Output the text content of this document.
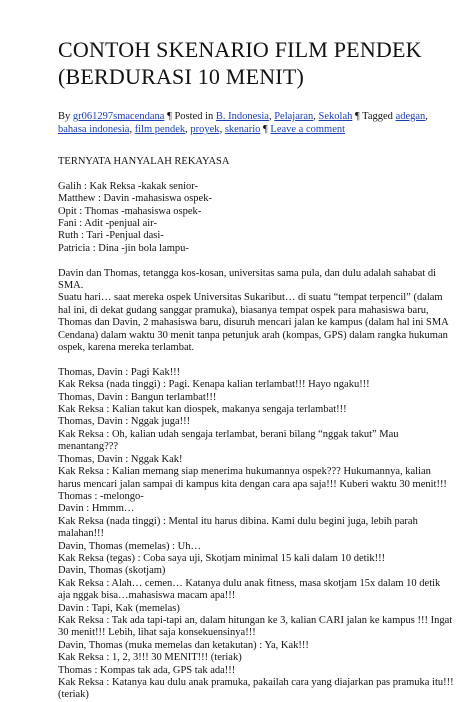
CONTOH SKENARIO FILM PENDEK (BERDURASI 10 MENIT)
By gr061297smacendana ¶ Posted in B. Indonesia, Pelajaran, Sekolah ¶ Tagged adegan, bahasa indonesia, film pendek, proyek, skenario ¶ Leave a comment

TERNYATA HANYALAH REKAYASA

Galih : Kak Reksa -kakak senior-
Matthew : Davin -mahasiswa ospek-
Opit : Thomas -mahasiswa ospek-
Fani : Adit -penjual air-
Ruth : Tari -Penjual dasi-
Patricia : Dina -jin bola lampu-

Davin dan Thomas, tetangga kos-kosan, universitas sama pula, dan dulu adalah sahabat di SMA.
Suatu hari… saat mereka ospek Universitas Sukaribut… di suatu “tempat terpencil” (dalam hal ini, di dekat gudang sanggar pramuka), biasanya tempat ospek para mahasiswa baru, Thomas dan Davin, 2 mahasiswa baru, disuruh mencari jalan ke kampus (dalam hal ini SMA Cendana) dalam waktu 30 menit tanpa petunjuk arah (kompas, GPS) dalam rangka hukuman ospek, karena mereka terlambat.

Thomas, Davin : Pagi Kak!!!
Kak Reksa (nada tinggi) : Pagi. Kenapa kalian terlambat!!! Hayo ngaku!!!
Thomas, Davin : Bangun terlambat!!!
Kak Reksa : Kalian takut kan diospek, makanya sengaja terlambat!!!
Thomas, Davin : Nggak juga!!!
Kak Reksa : Oh, kalian udah sengaja terlambat, berani bilang “nggak takut” Mau menantang???
Thomas, Davin : Nggak Kak!
Kak Reksa : Kalian memang siap menerima hukumannya ospek??? Hukumannya, kalian harus mencari jalan sampai di kampus kita dengan cara apa saja!!! Kuberi waktu 30 menit!!!
Thomas : -melongo-
Davin : Hmmm…
Kak Reksa (nada tinggi) : Mental itu harus dibina. Kami dulu begini juga, lebih parah malahan!!!
Davin, Thomas (memelas) : Uh…
Kak Reksa (tegas) : Coba saya uji, Skotjam minimal 15 kali dalam 10 detik!!!
Davin, Thomas (skotjam)
Kak Reksa : Alah… cemen… Katanya dulu anak fitness, masa skotjam 15x dalam 10 detik aja nggak bisa…mahasiswa macam apa!!!
Davin : Tapi, Kak (memelas)
Kak Reksa : Tak ada tapi-tapi an, dalam hitungan ke 3, kalian CARI jalan ke kampus !!! Ingat 30 menit!!! Lebih, lihat saja konsekuensinya!!!
Davin, Thomas (muka memelas dan ketakutan) : Ya, Kak!!!
Kak Reksa : 1, 2, 3!!! 30 MENIT!!! (teriak)
Thomas : Kompas tak ada, GPS tak ada!!!
Kak Reksa : Katanya kau dulu anak pramuka, pakailah cara yang diajarkan pas pramuka itu!!! (teriak)
